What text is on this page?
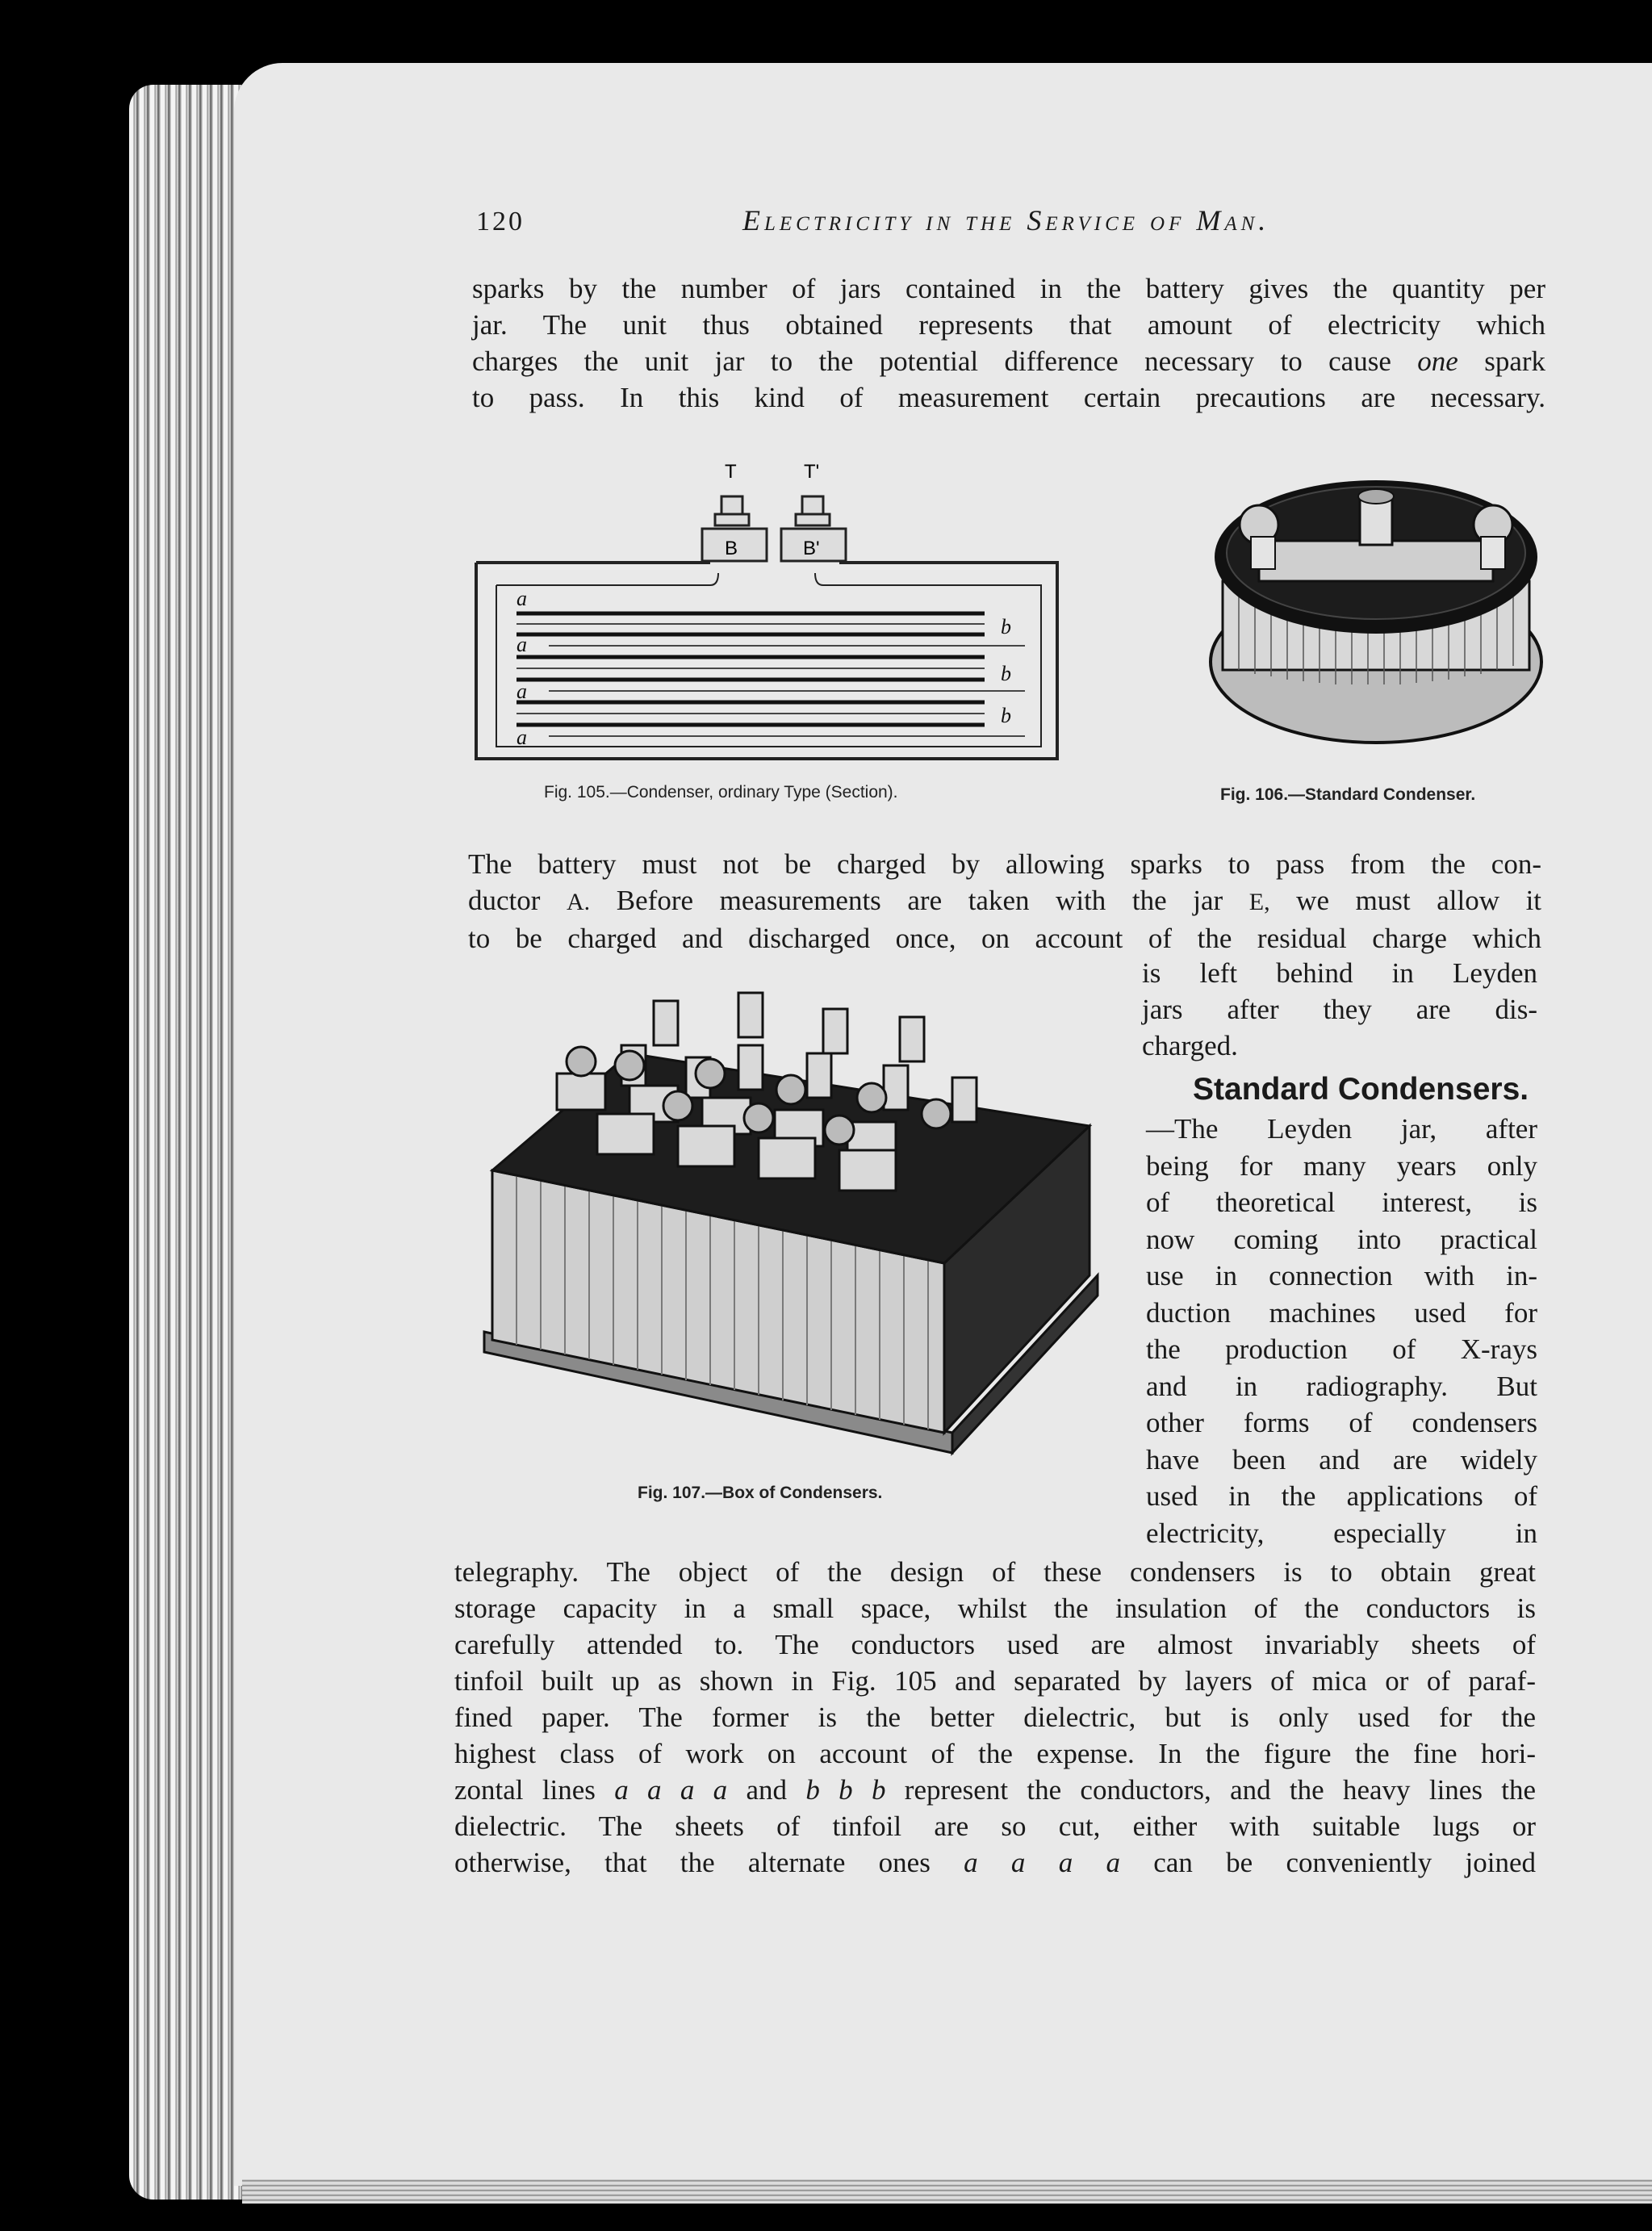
120	Electricity in the Service of Man.
sparks by the number of jars contained in the battery gives the quantity per
jar. The unit thus obtained represents that amount of electricity which
charges the unit jar to the potential difference necessary to cause one spark
to pass. In this kind of measurement certain precautions are necessary.
T	T'
B	B'
a
a
a
a
b
b
b
Fig. 105.—Condenser, ordinary Type (Section).	Fig. 106.—Standard Condenser.
The battery must not be charged by allowing sparks to pass from the con-
ductor A. Before measurements are taken with the jar E, we must allow it
to be charged and discharged once, on account of the residual charge which
is left behind in Leyden
jars after they are dis-
charged.
Fig. 107.—Box of Condensers.
Standard Condensers.
—The Leyden jar, after
being for many years only
of theoretical interest, is
now coming into practical
use in connection with in-
duction machines used for
the production of X-rays
and in radiography. But
other forms of condensers
have been and are widely
used in the applications of
electricity, especially in
telegraphy. The object of the design of these condensers is to obtain great
storage capacity in a small space, whilst the insulation of the conductors is
carefully attended to. The conductors used are almost invariably sheets of
tinfoil built up as shown in Fig. 105 and separated by layers of mica or of paraf-
fined paper. The former is the better dielectric, but is only used for the
highest class of work on account of the expense. In the figure the fine hori-
zontal lines a a a a and b b b represent the conductors, and the heavy lines the
dielectric. The sheets of tinfoil are so cut, either with suitable lugs or
otherwise, that the alternate ones a a a a can be conveniently joined
